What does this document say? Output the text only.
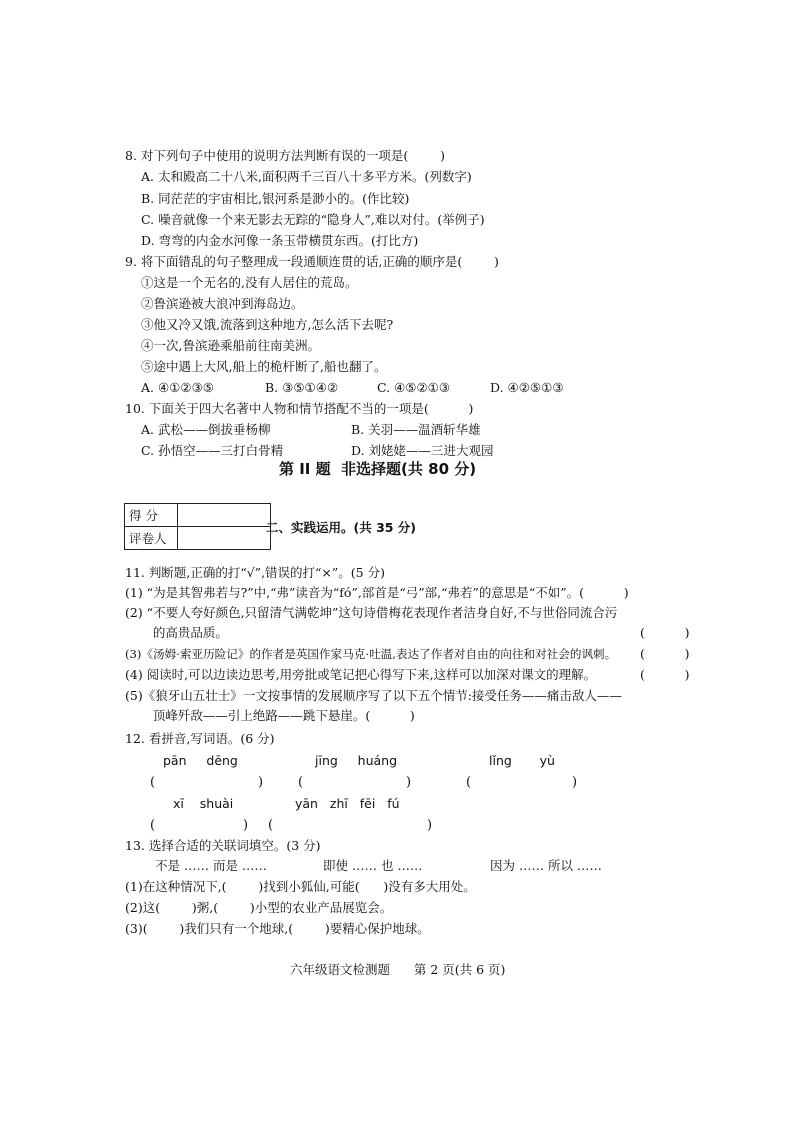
8. 对下列句子中使用的说明方法判断有误的一项是(        )
A. 太和殿高二十八米,面积两千三百八十多平方米。(列数字)
B. 同茫茫的宇宙相比,银河系是渺小的。(作比较)
C. 噪音就像一个来无影去无踪的“隐身人”,难以对付。(举例子)
D. 弯弯的内金水河像一条玉带横贯东西。(打比方)
9. 将下面错乱的句子整理成一段通顺连贯的话,正确的顺序是(        )
①这是一个无名的,没有人居住的荒岛。
②鲁滨逊被大浪冲到海岛边。
③他又冷又饿,流落到这种地方,怎么活下去呢?
④一次,鲁滨逊乘船前往南美洲。
⑤途中遇上大风,船上的桅杆断了,船也翻了。
A. ④①②③⑤	B. ③⑤①④②	C. ④⑤②①③	D. ④②⑤①③
10. 下面关于四大名著中人物和情节搭配不当的一项是(          )
A. 武松——倒拔垂杨柳	B. 关羽——温酒斩华雄
C. 孙悟空——三打白骨精	D. 刘姥姥——三进大观园
第 II 题  非选择题(共 80 分)
得 分	
评卷人	
二、实践运用。(共 35 分)
11. 判断题,正确的打“√”,错误的打“×”。(5 分)
(1) “为是其智弗若与?”中,“弗”读音为“fó”,部首是“弓”部,“弗若”的意思是“不如”。(          )
(2) “不要人夸好颜色,只留清气满乾坤”这句诗借梅花表现作者洁身自好,不与世俗同流合污
的高贵品质。	(          )
(3)《汤姆·索亚历险记》的作者是英国作家马克·吐温,表达了作者对自由的向往和对社会的讽刺。 (          )
(4) 阅读时,可以边读边思考,用旁批或笔记把心得写下来,这样可以加深对课文的理解。	(          )
(5)《狼牙山五壮士》一文按事情的发展顺序写了以下五个情节:接受任务——痛击敌人——
顶峰歼敌——引上绝路——跳下悬崖。(          )
12. 看拼音,写词语。(6 分)
pān     dēng	jīng     huáng	lǐng       yù
(	)	(	)	(	)
xī    shuài	yān   zhī   fēi   fú
(	) (	)
13. 选择合适的关联词填空。(3 分)
不是 …… 而是 ……	即使 …… 也 ……	因为 …… 所以 ……
(1)在这种情况下,(        )找到小狐仙,可能(      )没有多大用处。
(2)这(        )粥,(        )小型的农业产品展览会。
(3)(        )我们只有一个地球,(        )要精心保护地球。
六年级语文检测题      第 2 页(共 6 页)
